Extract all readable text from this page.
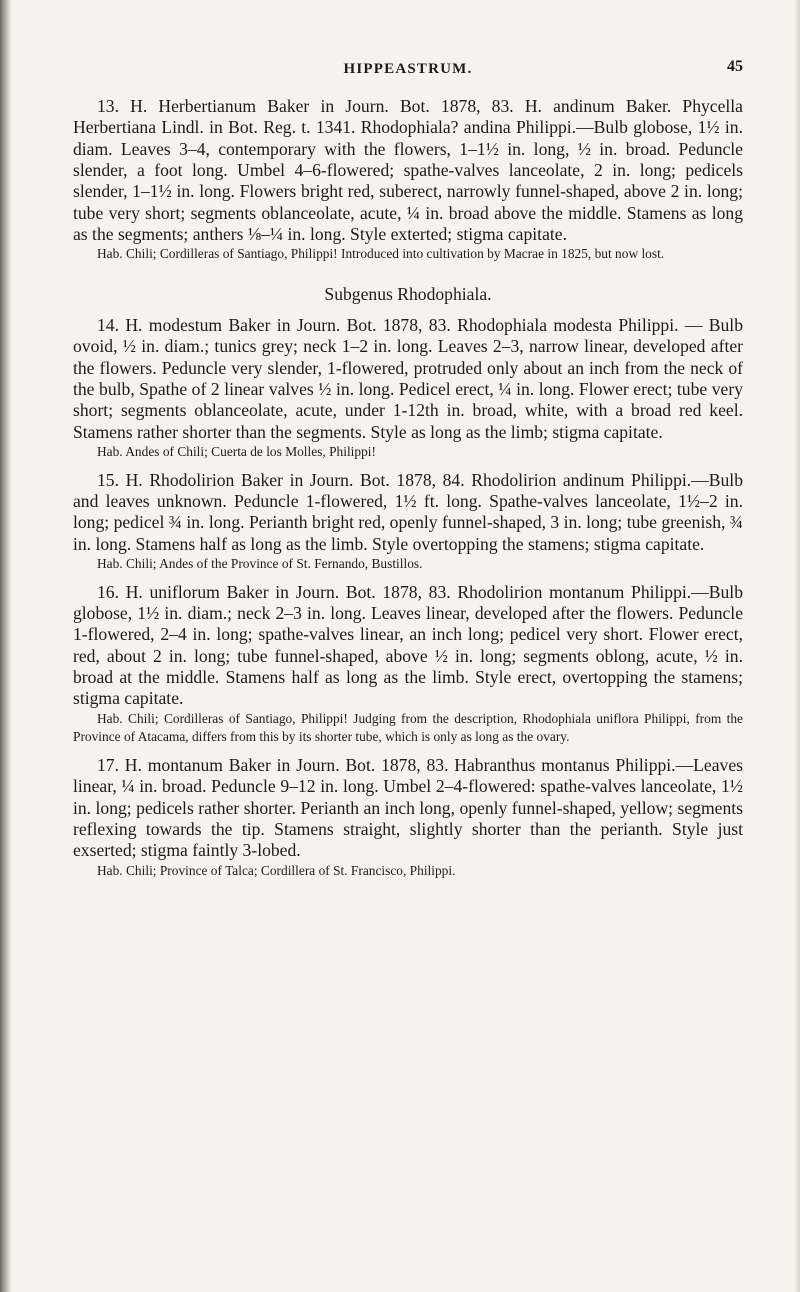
HIPPEASTRUM.	45

13. H. Herbertianum Baker in Journ. Bot. 1878, 83. H. andinum Baker. Phycella Herbertiana Lindl. in Bot. Reg. t. 1341. Rhodophiala? andina Philippi.—Bulb globose, 1½ in. diam. Leaves 3–4, contemporary with the flowers, 1–1½ in. long, ½ in. broad. Peduncle slender, a foot long. Umbel 4–6-flowered; spathe-valves lanceolate, 2 in. long; pedicels slender, 1–1½ in. long. Flowers bright red, suberect, narrowly funnel-shaped, above 2 in. long; tube very short; segments oblanceolate, acute, ¼ in. broad above the middle. Stamens as long as the segments; anthers ⅛–¼ in. long. Style exterted; stigma capitate.

Hab. Chili; Cordilleras of Santiago, Philippi! Introduced into cultivation by Macrae in 1825, but now lost.

Subgenus Rhodophiala.

14. H. modestum Baker in Journ. Bot. 1878, 83. Rhodophiala modesta Philippi. — Bulb ovoid, ½ in. diam.; tunics grey; neck 1–2 in. long. Leaves 2–3, narrow linear, developed after the flowers. Peduncle very slender, 1-flowered, protruded only about an inch from the neck of the bulb, Spathe of 2 linear valves ½ in. long. Pedicel erect, ¼ in. long. Flower erect; tube very short; segments oblanceolate, acute, under 1-12th in. broad, white, with a broad red keel. Stamens rather shorter than the segments. Style as long as the limb; stigma capitate.

Hab. Andes of Chili; Cuerta de los Molles, Philippi!

15. H. Rhodolirion Baker in Journ. Bot. 1878, 84. Rhodolirion andinum Philippi.—Bulb and leaves unknown. Peduncle 1-flowered, 1½ ft. long. Spathe-valves lanceolate, 1½–2 in. long; pedicel ¾ in. long. Perianth bright red, openly funnel-shaped, 3 in. long; tube greenish, ¾ in. long. Stamens half as long as the limb. Style overtopping the stamens; stigma capitate.

Hab. Chili; Andes of the Province of St. Fernando, Bustillos.

16. H. uniflorum Baker in Journ. Bot. 1878, 83. Rhodolirion montanum Philippi.—Bulb globose, 1½ in. diam.; neck 2–3 in. long. Leaves linear, developed after the flowers. Peduncle 1-flowered, 2–4 in. long; spathe-valves linear, an inch long; pedicel very short. Flower erect, red, about 2 in. long; tube funnel-shaped, above ½ in. long; segments oblong, acute, ½ in. broad at the middle. Stamens half as long as the limb. Style erect, overtopping the stamens; stigma capitate.

Hab. Chili; Cordilleras of Santiago, Philippi! Judging from the description, Rhodophiala uniflora Philippi, from the Province of Atacama, differs from this by its shorter tube, which is only as long as the ovary.

17. H. montanum Baker in Journ. Bot. 1878, 83. Habranthus montanus Philippi.—Leaves linear, ¼ in. broad. Peduncle 9–12 in. long. Umbel 2–4-flowered: spathe-valves lanceolate, 1½ in. long; pedicels rather shorter. Perianth an inch long, openly funnel-shaped, yellow; segments reflexing towards the tip. Stamens straight, slightly shorter than the perianth. Style just exserted; stigma faintly 3-lobed.

Hab. Chili; Province of Talca; Cordillera of St. Francisco, Philippi.
